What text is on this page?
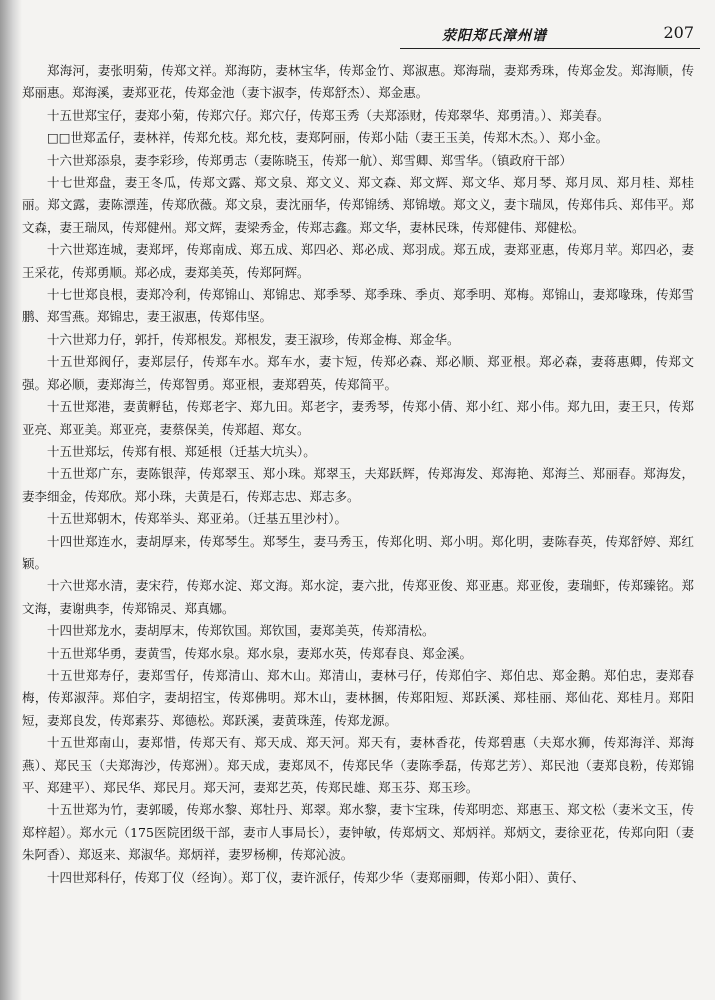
荥阳郑氏漳州谱	207

郑海河，妻张明菊，传郑文祥。郑海防，妻林宝华，传郑金竹、郑淑惠。郑海瑞，妻郑秀珠，传郑金发。郑海顺，传郑丽惠。郑海溪，妻郑亚花，传郑金池（妻卞淑李，传郑舒杰）、郑金惠。

十五世郑宝仔，妻郑小菊，传郑穴仔。郑穴仔，传郑玉秀（夫郑添财，传郑翠华、郑勇清。）、郑美春。

□□世郑孟仔，妻林祥，传郑允枝。郑允枝，妻郑阿丽，传郑小陆（妻王玉美，传郑木杰。）、郑小金。

十六世郑添泉，妻李彩珍，传郑勇志（妻陈晓玉，传郑一航）、郑雪卿、郑雪华。（镇政府干部）

十七世郑盘，妻王冬瓜，传郑文露、郑文泉、郑文义、郑文森、郑文辉、郑文华、郑月琴、郑月凤、郑月桂、郑桂丽。郑文露，妻陈漂莲，传郑欣薇。郑文泉，妻沈丽华，传郑锦绣、郑锦墩。郑文义，妻卞瑞凤，传郑伟兵、郑伟平。郑文森，妻王瑞凤，传郑健州。郑文辉，妻梁秀金，传郑志鑫。郑文华，妻林民珠，传郑健伟、郑健松。

十六世郑连城，妻郑坪，传郑南成、郑五成、郑四必、郑必成、郑羽成。郑五成，妻郑亚惠，传郑月苹。郑四必，妻王采花，传郑勇顺。郑必成，妻郑美英，传郑阿辉。

十七世郑良根，妻郑冷利，传郑锦山、郑锦忠、郑季琴、郑季珠、季贞、郑季明、郑梅。郑锦山，妻郑喙珠，传郑雪鹏、郑雪燕。郑锦忠，妻王淑惠，传郑伟坚。

十六世郑力仔，郭扦，传郑根发。郑根发，妻王淑珍，传郑金梅、郑金华。

十五世郑阀仔，妻郑层仔，传郑车水。郑车水，妻卞短，传郑必森、郑必顺、郑亚根。郑必森，妻蒋惠卿，传郑文强。郑必顺，妻郑海兰，传郑智勇。郑亚根，妻郑碧英，传郑简平。

十五世郑港，妻黄孵毡，传郑老字、郑九田。郑老字，妻秀琴，传郑小倩、郑小红、郑小伟。郑九田，妻王只，传郑亚亮、郑亚美。郑亚亮，妻蔡保美，传郑超、郑女。

十五世郑坛，传郑有根、郑延根（迁基大坑头）。

十五世郑广东，妻陈银萍，传郑翠玉、郑小珠。郑翠玉，夫郑跃辉，传郑海发、郑海艳、郑海兰、郑丽春。郑海发，妻李细金，传郑欣。郑小珠，夫黄是石，传郑志忠、郑志多。

十五世郑朝木，传郑举头、郑亚弟。（迁基五里沙村）。

十四世郑连水，妻胡厚来，传郑琴生。郑琴生，妻马秀玉，传郑化明、郑小明。郑化明，妻陈春英，传郑舒婷、郑红颖。

十六世郑水清，妻宋荇，传郑水淀、郑文海。郑水淀，妻六批，传郑亚俊、郑亚惠。郑亚俊，妻瑞虾，传郑臻铭。郑文海，妻谢典李，传郑锦灵、郑真娜。

十四世郑龙水，妻胡厚末，传郑钦国。郑钦国，妻郑美英，传郑清松。

十五世郑华勇，妻黄雪，传郑水泉。郑水泉，妻郑水英，传郑春良、郑金溪。

十五世郑寿仔，妻郑雪仔，传郑清山、郑木山。郑清山，妻林弓仔，传郑伯字、郑伯忠、郑金鹅。郑伯忠，妻郑春梅，传郑淑萍。郑伯字，妻胡招宝，传郑佛明。郑木山，妻林捆，传郑阳短、郑跃溪、郑桂丽、郑仙花、郑桂月。郑阳短，妻郑良发，传郑素芬、郑德松。郑跃溪，妻黄珠莲，传郑龙源。

十五世郑南山，妻郑惜，传郑天有、郑天成、郑天河。郑天有，妻林香花，传郑碧惠（夫郑水狮，传郑海洋、郑海燕）、郑民玉（夫郑海沙，传郑洲）。郑天成，妻郑凤不，传郑民华（妻陈季磊，传郑艺芳）、郑民池（妻郑良粉，传郑锦平、郑建平）、郑民华、郑民月。郑天河，妻郑艺英，传郑民雄、郑玉芬、郑玉珍。

十五世郑为竹，妻郭暖，传郑水黎、郑牡丹、郑翠。郑水黎，妻卞宝珠，传郑明恋、郑惠玉、郑文松（妻米文玉，传郑梓超）。郑水元（175医院团级干部，妻市人事局长），妻钟敏，传郑炳文、郑炳祥。郑炳文，妻徐亚花，传郑向阳（妻朱阿香）、郑返来、郑淑华。郑炳祥，妻罗杨柳，传郑沁波。

十四世郑科仔，传郑丁仪（经询）。郑丁仪，妻许派仔，传郑少华（妻郑丽卿，传郑小阳）、黄仔、
